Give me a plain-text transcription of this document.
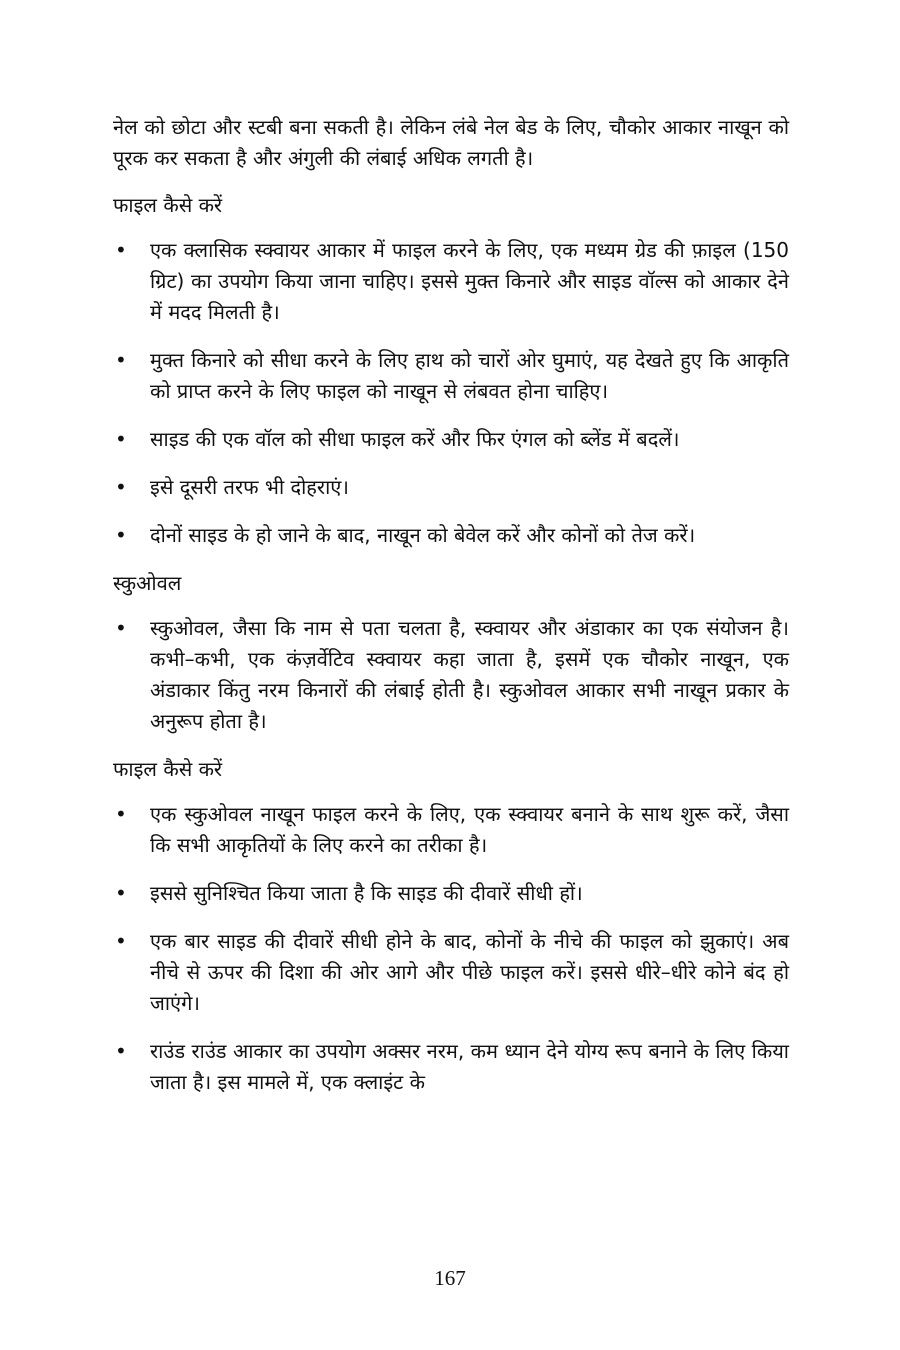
नेल को छोटा और स्टबी बना सकती है। लेकिन लंबे नेल बेड के लिए, चौकोर आकार नाखून को पूरक कर सकता है और अंगुली की लंबाई अधिक लगती है।

फाइल कैसे करें
• एक क्लासिक स्क्वायर आकार में फाइल करने के लिए, एक मध्यम ग्रेड की फ़ाइल (150 ग्रिट) का उपयोग किया जाना चाहिए। इससे मुक्त किनारे और साइड वॉल्स को आकार देने में मदद मिलती है।
• मुक्त किनारे को सीधा करने के लिए हाथ को चारों ओर घुमाएं, यह देखते हुए कि आकृति को प्राप्त करने के लिए फाइल को नाखून से लंबवत होना चाहिए।
• साइड की एक वॉल को सीधा फाइल करें और फिर एंगल को ब्लेंड में बदलें।
• इसे दूसरी तरफ भी दोहराएं।
• दोनों साइड के हो जाने के बाद, नाखून को बेवेल करें और कोनों को तेज करें।
स्कुओवल
• स्कुओवल, जैसा कि नाम से पता चलता है, स्क्वायर और अंडाकार का एक संयोजन है। कभी–कभी, एक कंज़र्वेटिव स्क्वायर कहा जाता है, इसमें एक चौकोर नाखून, एक अंडाकार किंतु नरम किनारों की लंबाई होती है। स्कुओवल आकार सभी नाखून प्रकार के अनुरूप होता है।
फाइल कैसे करें
• एक स्कुओवल नाखून फाइल करने के लिए, एक स्क्वायर बनाने के साथ शुरू करें, जैसा कि सभी आकृतियों के लिए करने का तरीका है।
• इससे सुनिश्चित किया जाता है कि साइड की दीवारें सीधी हों।
• एक बार साइड की दीवारें सीधी होने के बाद, कोनों के नीचे की फाइल को झुकाएं। अब नीचे से ऊपर की दिशा की ओर आगे और पीछे फाइल करें। इससे धीरे–धीरे कोने बंद हो जाएंगे।
• राउंड राउंड आकार का उपयोग अक्सर नरम, कम ध्यान देने योग्य रूप बनाने के लिए किया जाता है। इस मामले में, एक क्लाइंट के
167
